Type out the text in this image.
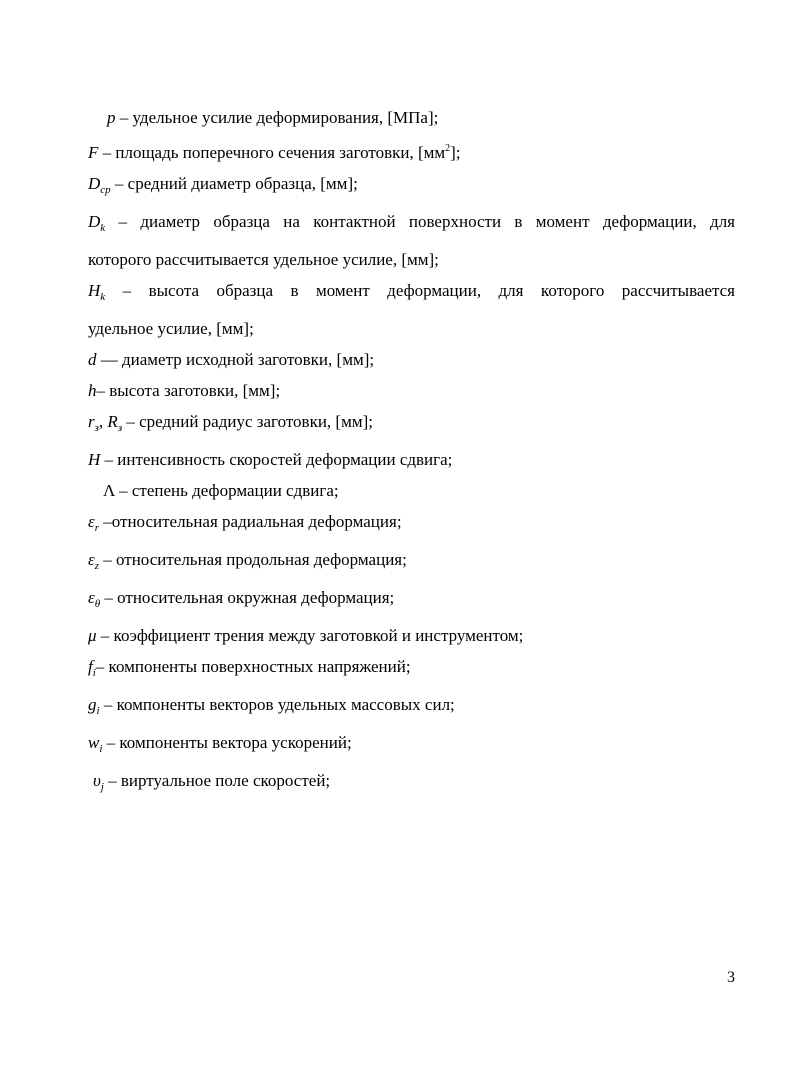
p – удельное усилие деформирования, [МПа];
F – площадь поперечного сечения заготовки, $[мм^2]$;
$D_{ср}$ – средний диаметр образца, [мм];
$D_k$ – диаметр образца на контактной поверхности в момент деформации, для
которого рассчитывается удельное усилие, [мм];
$H_k$ – высота образца в момент деформации, для которого рассчитывается
удельное усилие, [мм];
d — диаметр исходной заготовки, [мм];
h– высота заготовки, [мм];
$r_з$, $R_з$ – средний радиус заготовки, [мм];
H – интенсивность скоростей деформации сдвига;
Λ – степень деформации сдвига;
$\varepsilon_r$ –относительная радиальная деформация;
$\varepsilon_z$ – относительная продольная деформация;
$\varepsilon_\theta$ – относительная окружная деформация;
μ – коэффициент трения между заготовкой и инструментом;
$f_i-$ компоненты поверхностных напряжений;
$g_i$ – компоненты векторов удельных массовых сил;
$w_i$ – компоненты вектора ускорений;
$\upsilon_j$ – виртуальное поле скоростей;
3
